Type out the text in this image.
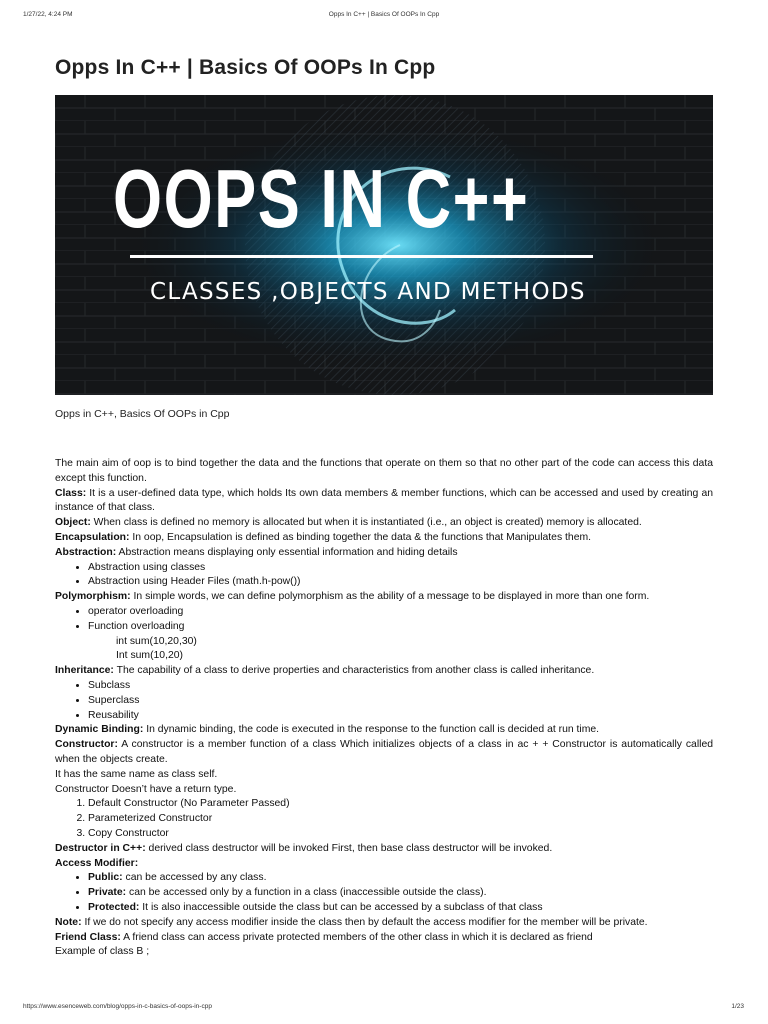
1/27/22, 4:24 PM	Opps In C++ | Basics Of OOPs In Cpp
Opps In C++ | Basics Of OOPs In Cpp
OOPS IN C++
CLASSES ,OBJECTS AND METHODS
Opps in C++, Basics Of OOPs in Cpp

The main aim of oop is to bind together the data and the functions that operate on them so that no other part of the code can access this data except this function.

Class: It is a user-defined data type, which holds Its own data members & member functions, which can be accessed and used by creating an instance of that class.

Object: When class is defined no memory is allocated but when it is instantiated (i.e., an object is created) memory is allocated.

Encapsulation: In oop, Encapsulation is defined as binding together the data & the functions that Manipulates them.

Abstraction: Abstraction means displaying only essential information and hiding details

• Abstraction using classes
• Abstraction using Header Files (math.h-pow())

Polymorphism: In simple words, we can define polymorphism as the ability of a message to be displayed in more than one form.

• operator overloading
• Function overloading

int sum(10,20,30)

Int sum(10,20)

Inheritance: The capability of a class to derive properties and characteristics from another class is called inheritance.

• Subclass
• Superclass
• Reusability

Dynamic Binding: In dynamic binding, the code is executed in the response to the function call is decided at run time.

Constructor: A constructor is a member function of a class Which initializes objects of a class in ac + + Constructor is automatically called when the objects create.

It has the same name as class self.

Constructor Doesn’t have a return type.

1. Default Constructor (No Parameter Passed)
2. Parameterized Constructor
3. Copy Constructor

Destructor in C++: derived class destructor will be invoked First, then base class destructor will be invoked.

Access Modifier:

• Public: can be accessed by any class.
• Private: can be accessed only by a function in a class (inaccessible outside the class).
• Protected: It is also inaccessible outside the class but can be accessed by a subclass of that class

Note: If we do not specify any access modifier inside the class then by default the access modifier for the member will be private.

Friend Class: A friend class can access private protected members of the other class in which it is declared as friend

Example of class B ;

https://www.esenceweb.com/blog/opps-in-c-basics-of-oops-in-cpp	1/23
